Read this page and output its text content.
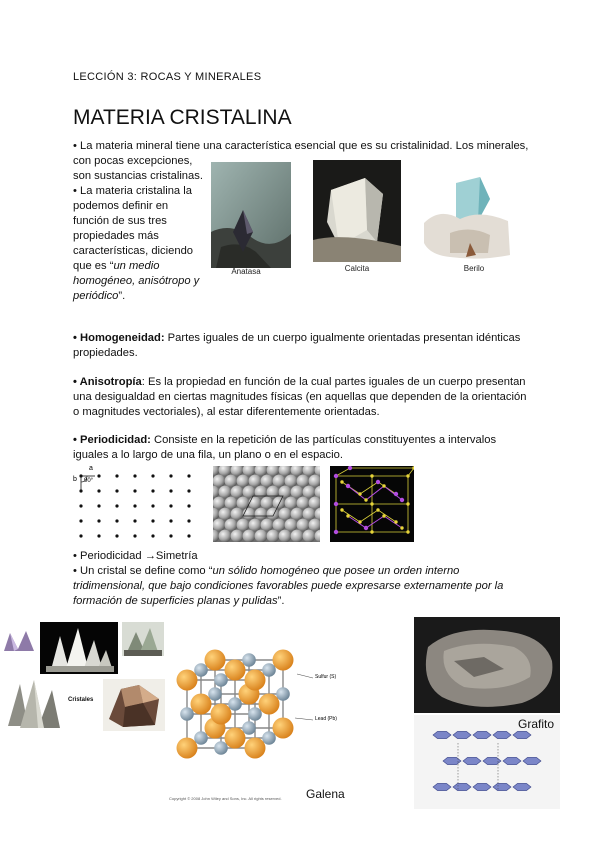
LECCIÓN 3: ROCAS Y MINERALES
MATERIA CRISTALINA
• La materia mineral tiene una característica esencial que es su cristalinidad. Los minerales,
con pocas excepciones,
son sustancias cristalinas.
• La materia cristalina la
podemos definir en
función de sus tres
propiedades más
características, diciendo
que es “un medio
homogéneo, anisótropo y
periódico”.
Anatasa	Calcita	Berilo
• Homogeneidad: Partes iguales de un cuerpo igualmente orientadas presentan idénticas
propiedades.
• Anisotropía: Es la propiedad en función de la cual partes iguales de un cuerpo presentan
una desigualdad en ciertas magnitudes físicas (en aquellas que dependen de la orientación
o magnitudes vectoriales), al estar diferentemente orientadas.
• Periodicidad: Consiste en la repetición de las partículas constituyentes a intervalos
iguales a lo largo de una fila, un plano o en el espacio.
a
b 90°
• Periodicidad →Simetría
• Un cristal se define como “un sólido homogéneo que posee un orden interno
tridimensional, que bajo condiciones favorables puede expresarse externamente por la
formación de superficies planas y pulidas”.
Cristales
Sulfur (S)
Lead (Pb)
Copyright © 2008 John Wiley and Sons, Inc. All rights reserved. Galena
Grafito
